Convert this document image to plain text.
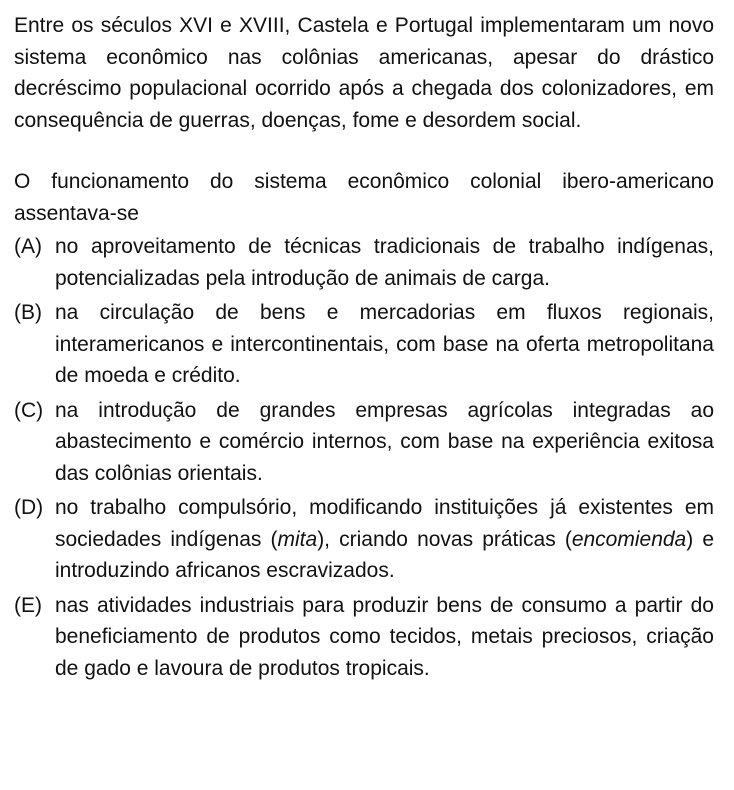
Entre os séculos XVI e XVIII, Castela e Portugal implementaram um novo sistema econômico nas colônias americanas, apesar do drástico decréscimo populacional ocorrido após a chegada dos colonizadores, em consequência de guerras, doenças, fome e desordem social.

O funcionamento do sistema econômico colonial ibero-americano assentava-se

(A) no aproveitamento de técnicas tradicionais de trabalho indígenas, potencializadas pela introdução de animais de carga.
(B) na circulação de bens e mercadorias em fluxos regionais, interamericanos e intercontinentais, com base na oferta metropolitana de moeda e crédito.
(C) na introdução de grandes empresas agrícolas integradas ao abastecimento e comércio internos, com base na experiência exitosa das colônias orientais.
(D) no trabalho compulsório, modificando instituições já existentes em sociedades indígenas (mita), criando novas práticas (encomienda) e introduzindo africanos escravizados.
(E) nas atividades industriais para produzir bens de consumo a partir do beneficiamento de produtos como tecidos, metais preciosos, criação de gado e lavoura de produtos tropicais.
